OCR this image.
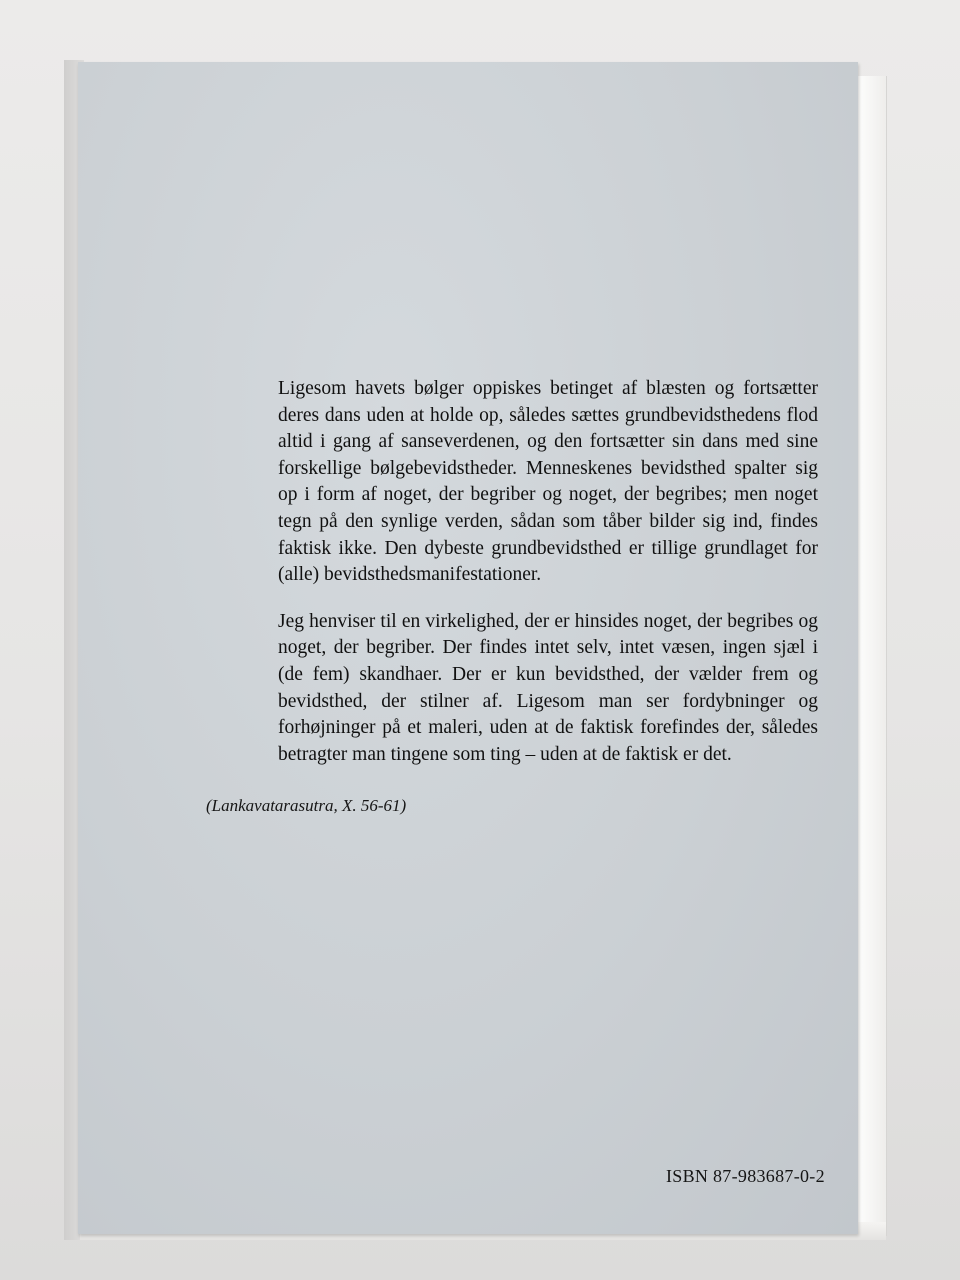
Ligesom havets bølger oppiskes betinget af blæsten og fortsætter deres dans uden at holde op, således sættes grundbevidsthedens flod altid i gang af sanseverdenen, og den fortsætter sin dans med sine forskellige bølgebevidstheder. Menneskenes bevidsthed spalter sig op i form af noget, der begriber og noget, der begribes; men noget tegn på den synlige verden, sådan som tåber bilder sig ind, findes faktisk ikke. Den dybeste grundbevidsthed er tillige grundlaget for (alle) bevidsthedsmanifestationer.

Jeg henviser til en virkelighed, der er hinsides noget, der begribes og noget, der begriber. Der findes intet selv, intet væsen, ingen sjæl i (de fem) skandhaer. Der er kun bevidsthed, der vælder frem og bevidsthed, der stilner af. Ligesom man ser fordybninger og forhøjninger på et maleri, uden at de faktisk forefindes der, således betragter man tingene som ting – uden at de faktisk er det.

(Lankavatarasutra, X. 56-61)
ISBN 87-983687-0-2
